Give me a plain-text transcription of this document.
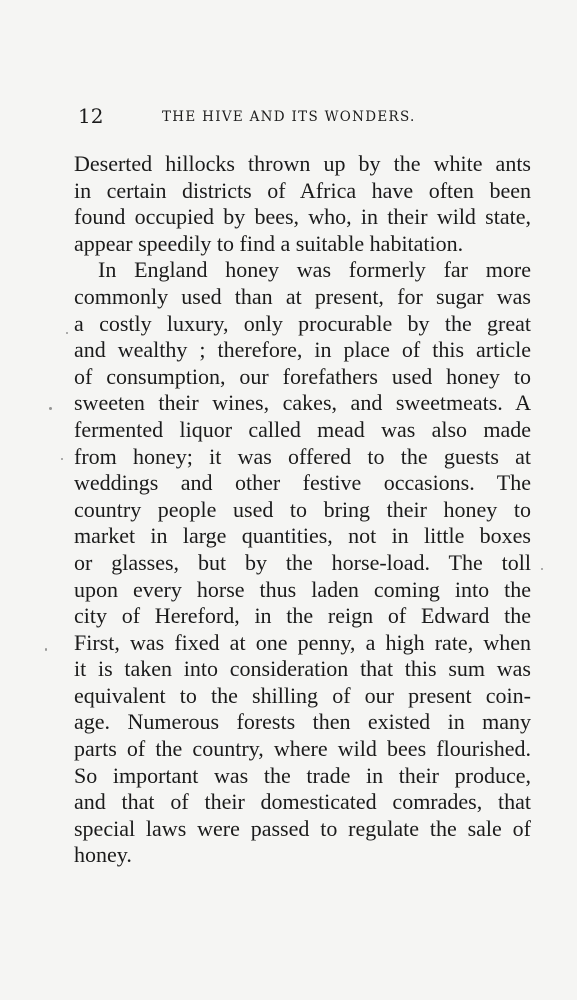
12	THE HIVE AND ITS WONDERS.
Deserted hillocks thrown up by the white ants
in certain districts of Africa have often been
found occupied by bees, who, in their wild state,
appear speedily to find a suitable habitation.
In England honey was formerly far more
commonly used than at present, for sugar was
a costly luxury, only procurable by the great
and wealthy ; therefore, in place of this article
of consumption, our forefathers used honey to
sweeten their wines, cakes, and sweetmeats. A
fermented liquor called mead was also made
from honey; it was offered to the guests at
weddings and other festive occasions. The
country people used to bring their honey to
market in large quantities, not in little boxes
or glasses, but by the horse-load. The toll
upon every horse thus laden coming into the
city of Hereford, in the reign of Edward the
First, was fixed at one penny, a high rate, when
it is taken into consideration that this sum was
equivalent to the shilling of our present coin-
age. Numerous forests then existed in many
parts of the country, where wild bees flourished.
So important was the trade in their produce,
and that of their domesticated comrades, that
special laws were passed to regulate the sale of
honey.
